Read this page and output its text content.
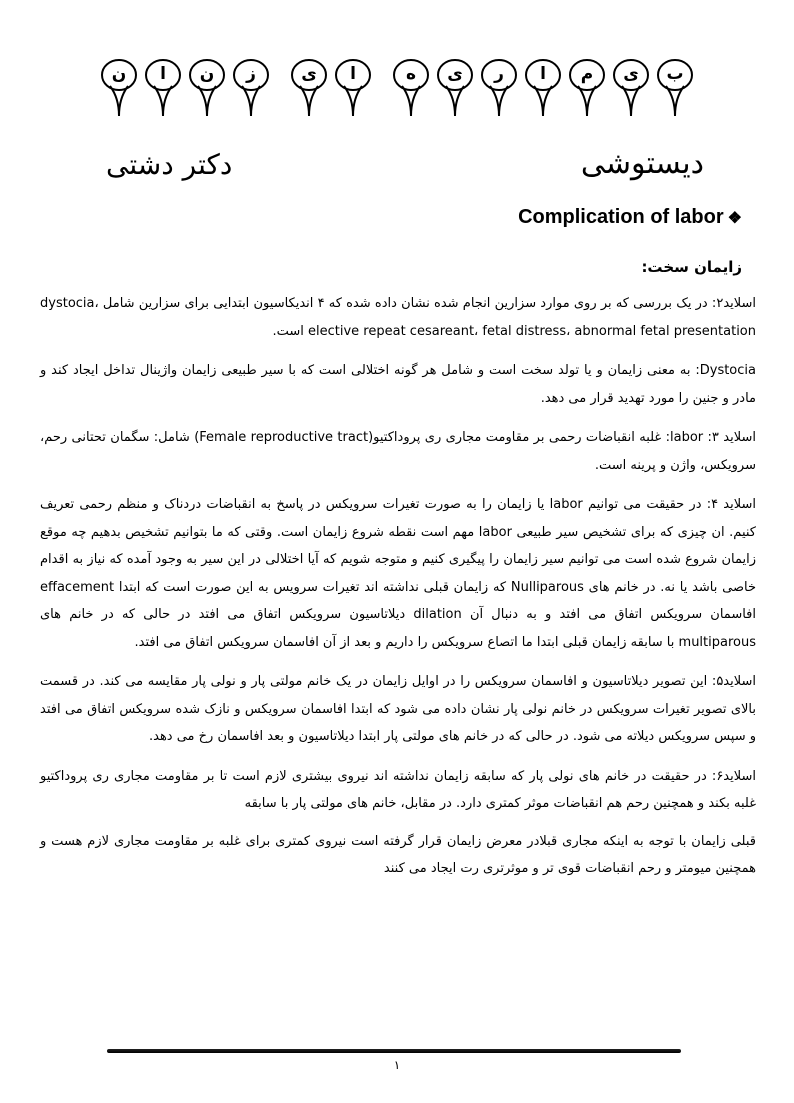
ب
ی
م
ا
ر
ی
ه
ا
ی
ز
ن
ا
ن
دیستوشی
دکتر دشتی
Complication of labor ❖
زایمان سخت:

اسلاید۲: در یک بررسی که بر روی موارد سزارین انجام شده نشان داده شده که ۴ اندیکاسیون ابتدایی برای سزارین شامل dystocia، elective repeat cesareant، fetal distress، abnormal fetal presentation است.

Dystocia: به معنی زایمان و یا تولد سخت است و شامل هر گونه اختلالی است که با سیر طبیعی زایمان واژینال تداخل ایجاد کند و مادر و جنین را مورد تهدید قرار می دهد.

اسلاید ۳: labor: غلبه انقباضات رحمی بر مقاومت مجاری ری پروداکتیو(Female reproductive tract) شامل: سگمان تحتانی رحم، سرویکس، واژن و پرینه است.

اسلاید ۴: در حقیقت می توانیم labor یا زایمان را به صورت تغیرات سرویکس در پاسخ به انقباضات دردناک و منظم رحمی تعریف کنیم. ان چیزی که برای تشخیص سیر طبیعی labor مهم است نقطه شروع زایمان است. وقتی که ما بتوانیم تشخیص بدهیم چه موقع زایمان شروع شده است می توانیم سیر زایمان را پیگیری کنیم و متوجه شویم که آیا اختلالی در این سیر به وجود آمده که نیاز به اقدام خاصی باشد یا نه. در خانم های Nulliparous که زایمان قبلی نداشته اند تغیرات سرویس به این صورت است که ابتدا effacement افاسمان سرویکس اتفاق می افتد و به دنبال آن dilation دیلاتاسیون سرویکس اتفاق می افتد در حالی که در خانم های multiparous با سابقه زایمان قبلی ابتدا ما اتصاع سرویکس را داریم و بعد از آن افاسمان سرویکس اتفاق می افتد.

اسلاید۵: این تصویر دیلاتاسیون و افاسمان سرویکس را در اوایل زایمان در یک خانم مولتی پار و نولی پار مقایسه می کند. در قسمت بالای تصویر تغیرات سرویکس در خانم نولی پار نشان داده می شود که ابتدا افاسمان سرویکس و نازک شده سرویکس اتفاق می افتد و سپس سرویکس دیلاته می شود. در حالی که در خانم های مولتی پار ابتدا دیلاتاسیون و بعد افاسمان رخ می دهد.

اسلاید۶: در حقیقت در خانم های نولی پار که سابقه زایمان نداشته اند نیروی بیشتری لازم است تا بر مقاومت مجاری ری پروداکتیو غلبه بکند و همچنین رحم هم انقباضات موثر کمتری دارد. در مقابل، خانم های مولتی پار با سابقه

قبلی زایمان با توجه به اینکه مجاری قبلادر معرض زایمان قرار گرفته است نیروی کمتری برای غلبه بر مقاومت مجاری لازم هست و همچنین میومتر و رحم انقباضات قوی تر و موثرتری رت ایجاد می کنند

۱
